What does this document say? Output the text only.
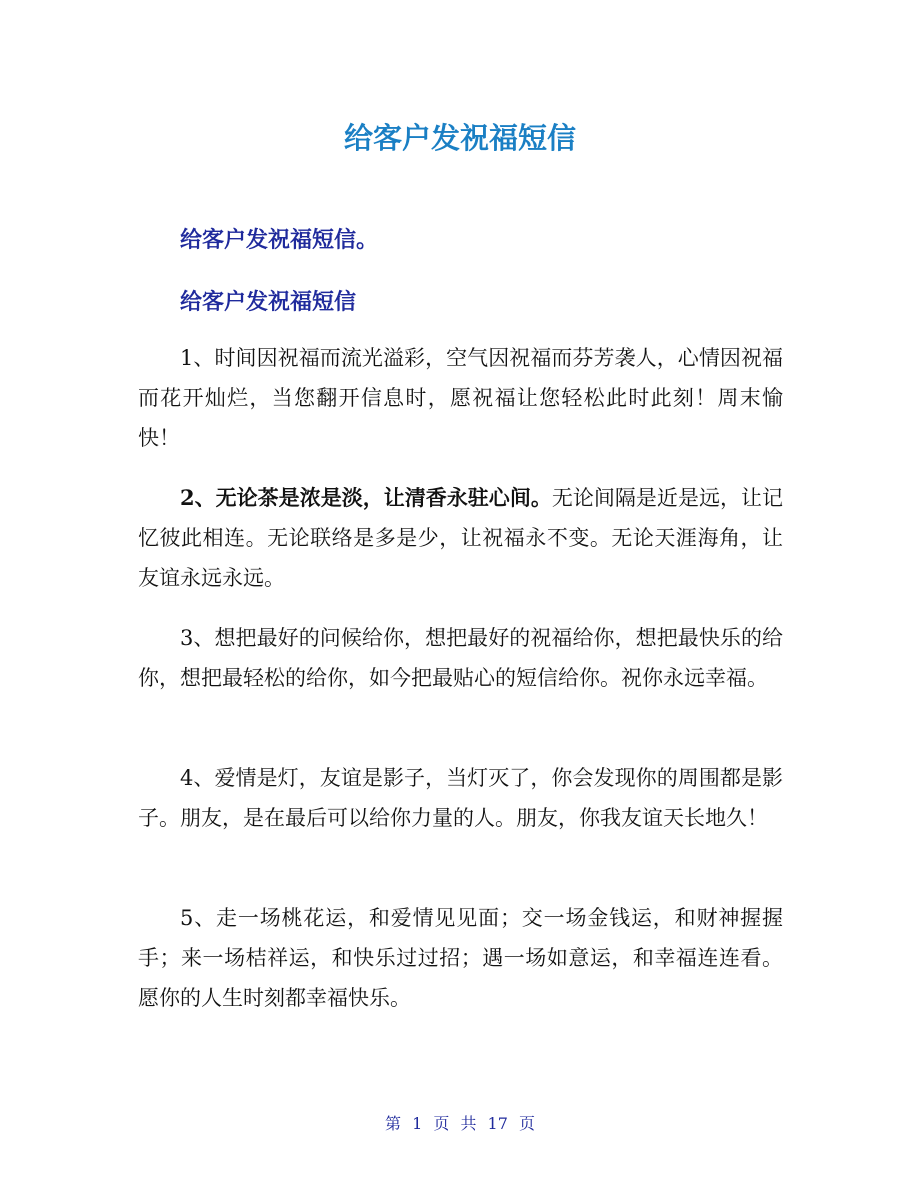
给客户发祝福短信
给客户发祝福短信。
给客户发祝福短信

1、时间因祝福而流光溢彩，空气因祝福而芬芳袭人，心情因祝福而花开灿烂，当您翻开信息时，愿祝福让您轻松此时此刻！周末愉快！

2、无论茶是浓是淡，让清香永驻心间。无论间隔是近是远，让记忆彼此相连。无论联络是多是少，让祝福永不变。无论天涯海角，让友谊永远永远。

3、想把最好的问候给你，想把最好的祝福给你，想把最快乐的给你，想把最轻松的给你，如今把最贴心的短信给你。祝你永远幸福。

4、爱情是灯，友谊是影子，当灯灭了，你会发现你的周围都是影子。朋友，是在最后可以给你力量的人。朋友，你我友谊天长地久！

5、走一场桃花运，和爱情见见面；交一场金钱运，和财神握握手；来一场桔祥运，和快乐过过招；遇一场如意运，和幸福连连看。愿你的人生时刻都幸福快乐。

第 1 页 共 17 页
